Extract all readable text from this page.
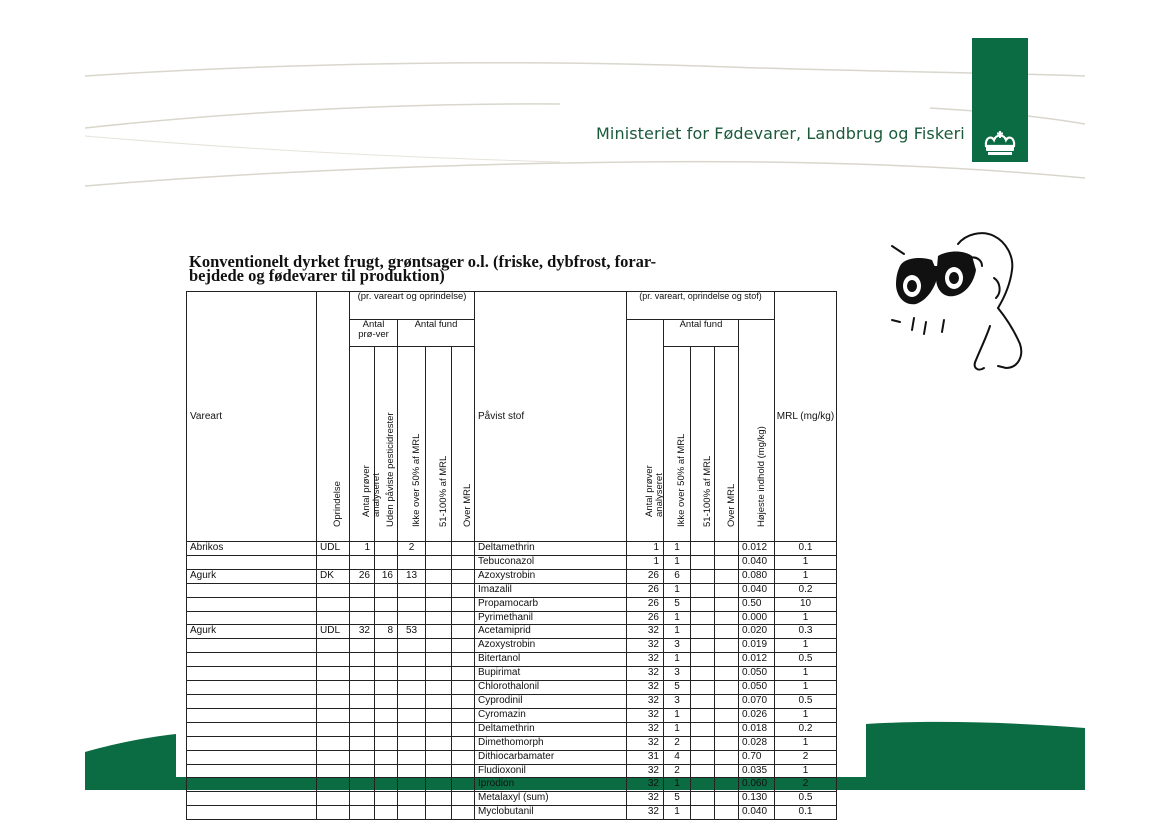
Ministeriet for Fødevarer, Landbrug og Fiskeri
Konventionelt dyrket frugt, grøntsager o.l. (friske, dybfrost, forar-
bejdede og fødevarer til produktion)
Vareart	Oprindelse	(pr. vareart og oprindelse)					Påvist stof	(pr. vareart, oprindelse og stof)					MRL (mg/kg)
		Antal prø-ver		Antal fund				Antal prøver analyseret	Antal fund			Højeste indhold (mg/kg)	

		Antal prøver analyseret	Uden påviste pesticidrester	Ikke over 50% af MRL	51-100% af MRL	Over MRL			Ikke over 50% af MRL	51-100% af MRL	Over MRL		

Abrikos	UDL	1		2			Deltamethrin	1	1			0.012	0.1
							Tebuconazol	1	1			0.040	1
Agurk	DK	26	16	13			Azoxystrobin	26	6			0.080	1
							Imazalil	26	1			0.040	0.2
							Propamocarb	26	5			0.50	10
							Pyrimethanil	26	1			0.000	1
Agurk	UDL	32	8	53			Acetamiprid	32	1			0.020	0.3
							Azoxystrobin	32	3			0.019	1
							Bitertanol	32	1			0.012	0.5
							Bupirimat	32	3			0.050	1
							Chlorothalonil	32	5			0.050	1
							Cyprodinil	32	3			0.070	0.5
							Cyromazin	32	1			0.026	1
							Deltamethrin	32	1			0.018	0.2
							Dimethomorph	32	2			0.028	1
							Dithiocarbamater	31	4			0.70	2
							Fludioxonil	32	2			0.035	1
							Iprodion	32	1			0.060	2
							Metalaxyl (sum)	32	5			0.130	0.5
							Myclobutanil	32	1			0.040	0.1
